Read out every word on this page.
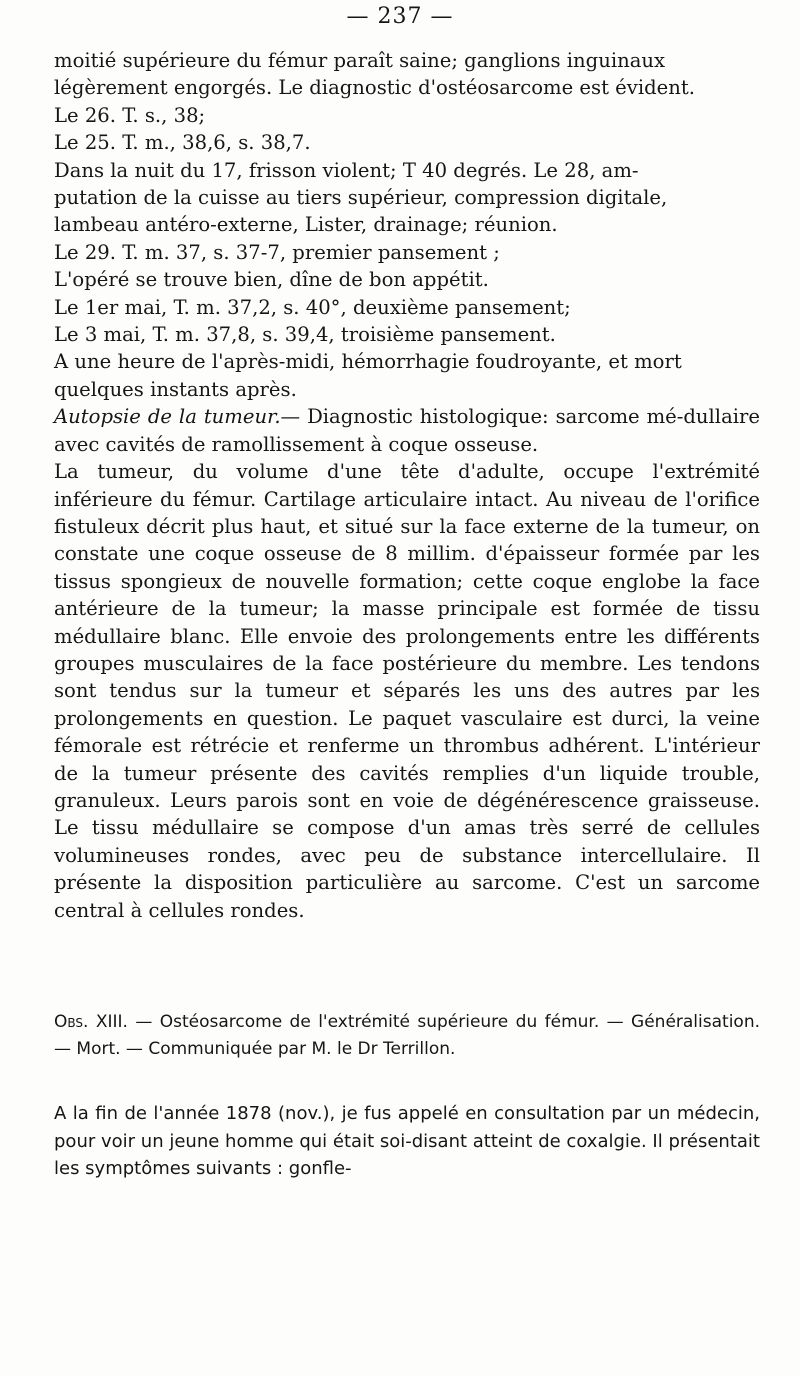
— 237 —

moitié supérieure du fémur paraît saine; ganglions inguinaux

légèrement engorgés. Le diagnostic d'ostéosarcome est évident.

Le 26. T. s., 38;

Le 25. T. m., 38,6, s. 38,7.

Dans la nuit du 17, frisson violent; T 40 degrés. Le 28, am-

putation de la cuisse au tiers supérieur, compression digitale,

lambeau antéro-externe, Lister, drainage; réunion.

Le 29. T. m. 37, s. 37-7, premier pansement ;

L'opéré se trouve bien, dîne de bon appétit.

Le 1er mai, T. m. 37,2, s. 40°, deuxième pansement;

Le 3 mai, T. m. 37,8, s. 39,4, troisième pansement.

A une heure de l'après-midi, hémorrhagie foudroyante, et mort

quelques instants après.

Autopsie de la tumeur.— Diagnostic histologique: sarcome mé-dullaire avec cavités de ramollissement à coque osseuse.

La tumeur, du volume d'une tête d'adulte, occupe l'extrémité inférieure du fémur. Cartilage articulaire intact. Au niveau de l'orifice fistuleux décrit plus haut, et situé sur la face externe de la tumeur, on constate une coque osseuse de 8 millim. d'épaisseur formée par les tissus spongieux de nouvelle formation; cette coque englobe la face antérieure de la tumeur; la masse principale est formée de tissu médullaire blanc. Elle envoie des prolongements entre les différents groupes musculaires de la face postérieure du membre. Les tendons sont tendus sur la tumeur et séparés les uns des autres par les prolongements en question. Le paquet vasculaire est durci, la veine fémorale est rétrécie et renferme un thrombus adhérent. L'intérieur de la tumeur présente des cavités remplies d'un liquide trouble, granuleux. Leurs parois sont en voie de dégénérescence graisseuse. Le tissu médullaire se compose d'un amas très serré de cellules volumineuses rondes, avec peu de substance intercellulaire. Il présente la disposition particulière au sarcome. C'est un sarcome central à cellules rondes.

Obs. XIII. — Ostéosarcome de l'extrémité supérieure du fémur. — Généralisation. — Mort. — Communiquée par M. le Dr Terrillon.

A la fin de l'année 1878 (nov.), je fus appelé en consultation par un médecin, pour voir un jeune homme qui était soi-disant atteint de coxalgie. Il présentait les symptômes suivants : gonfle-
